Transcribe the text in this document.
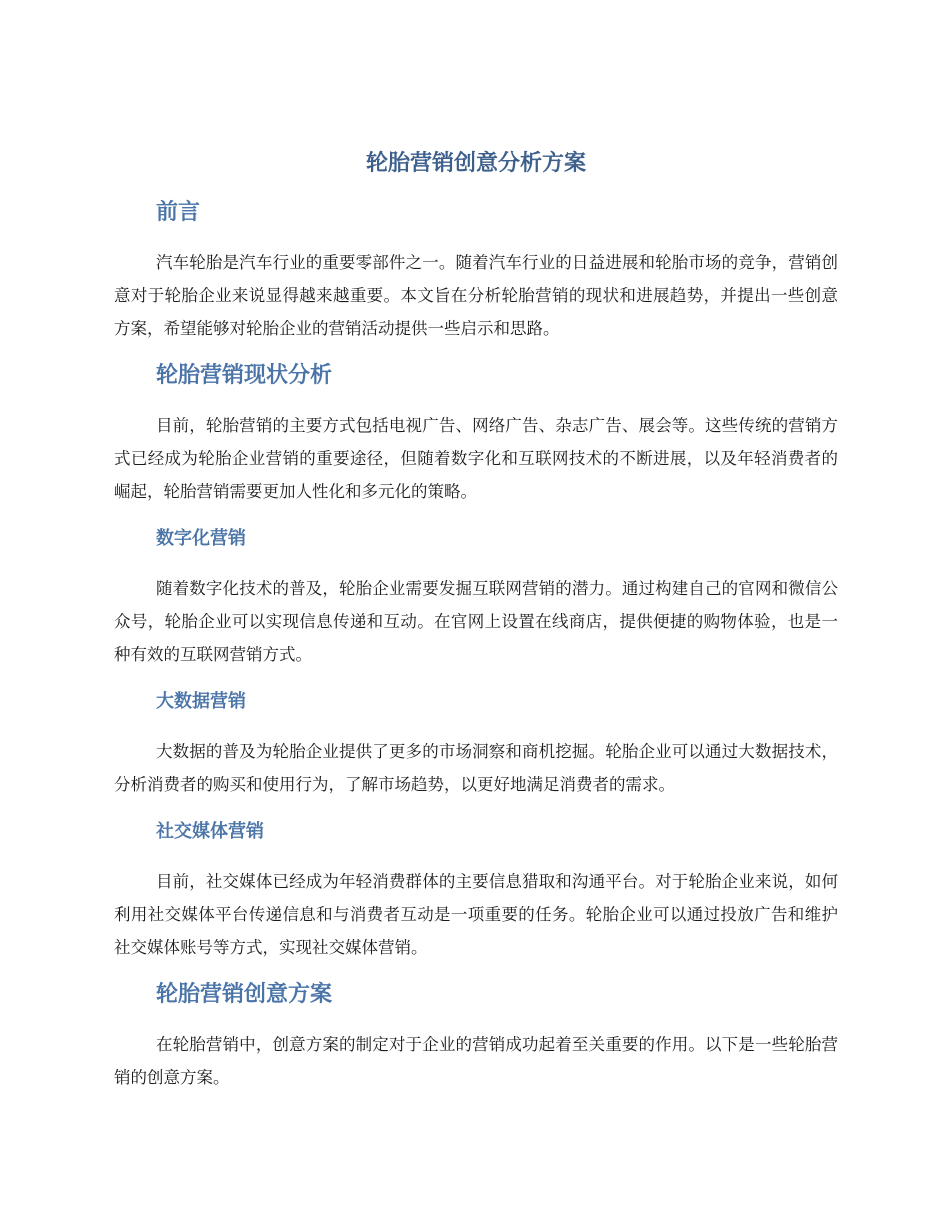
轮胎营销创意分析方案
前言

汽车轮胎是汽车行业的重要零部件之一。随着汽车行业的日益进展和轮胎市场的竞争，营销创意对于轮胎企业来说显得越来越重要。本文旨在分析轮胎营销的现状和进展趋势，并提出一些创意方案，希望能够对轮胎企业的营销活动提供一些启示和思路。

轮胎营销现状分析

目前，轮胎营销的主要方式包括电视广告、网络广告、杂志广告、展会等。这些传统的营销方式已经成为轮胎企业营销的重要途径，但随着数字化和互联网技术的不断进展，以及年轻消费者的崛起，轮胎营销需要更加人性化和多元化的策略。

数字化营销

随着数字化技术的普及，轮胎企业需要发掘互联网营销的潜力。通过构建自己的官网和微信公众号，轮胎企业可以实现信息传递和互动。在官网上设置在线商店，提供便捷的购物体验，也是一种有效的互联网营销方式。

大数据营销

大数据的普及为轮胎企业提供了更多的市场洞察和商机挖掘。轮胎企业可以通过大数据技术，分析消费者的购买和使用行为，了解市场趋势，以更好地满足消费者的需求。

社交媒体营销

目前，社交媒体已经成为年轻消费群体的主要信息猎取和沟通平台。对于轮胎企业来说，如何利用社交媒体平台传递信息和与消费者互动是一项重要的任务。轮胎企业可以通过投放广告和维护社交媒体账号等方式，实现社交媒体营销。

轮胎营销创意方案

在轮胎营销中，创意方案的制定对于企业的营销成功起着至关重要的作用。以下是一些轮胎营销的创意方案。
